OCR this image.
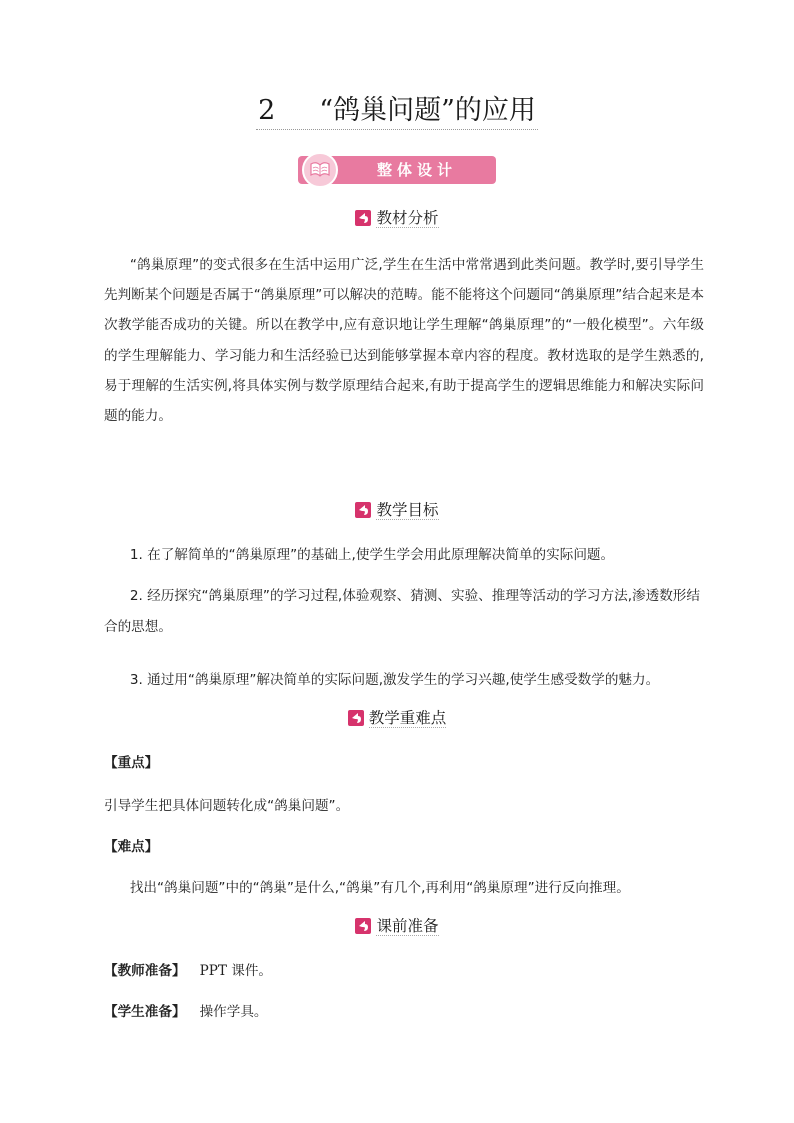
2 “鸽巢问题”的应用
整体设计
教材分析

“鸽巢原理”的变式很多在生活中运用广泛,学生在生活中常常遇到此类问题。教学时,要引导学生先判断某个问题是否属于“鸽巢原理”可以解决的范畴。能不能将这个问题同“鸽巢原理”结合起来是本次教学能否成功的关键。所以在教学中,应有意识地让学生理解“鸽巢原理”的“一般化模型”。六年级的学生理解能力、学习能力和生活经验已达到能够掌握本章内容的程度。教材选取的是学生熟悉的,易于理解的生活实例,将具体实例与数学原理结合起来,有助于提高学生的逻辑思维能力和解决实际问题的能力。

教学目标

1. 在了解简单的“鸽巢原理”的基础上,使学生学会用此原理解决简单的实际问题。

2. 经历探究“鸽巢原理”的学习过程,体验观察、猜测、实验、推理等活动的学习方法,渗透数形结合的思想。

3. 通过用“鸽巢原理”解决简单的实际问题,激发学生的学习兴趣,使学生感受数学的魅力。

教学重难点

【重点】

引导学生把具体问题转化成“鸽巢问题”。

【难点】

找出“鸽巢问题”中的“鸽巢”是什么,“鸽巢”有几个,再利用“鸽巢原理”进行反向推理。

课前准备

【教师准备】 PPT 课件。

【学生准备】 操作学具。
